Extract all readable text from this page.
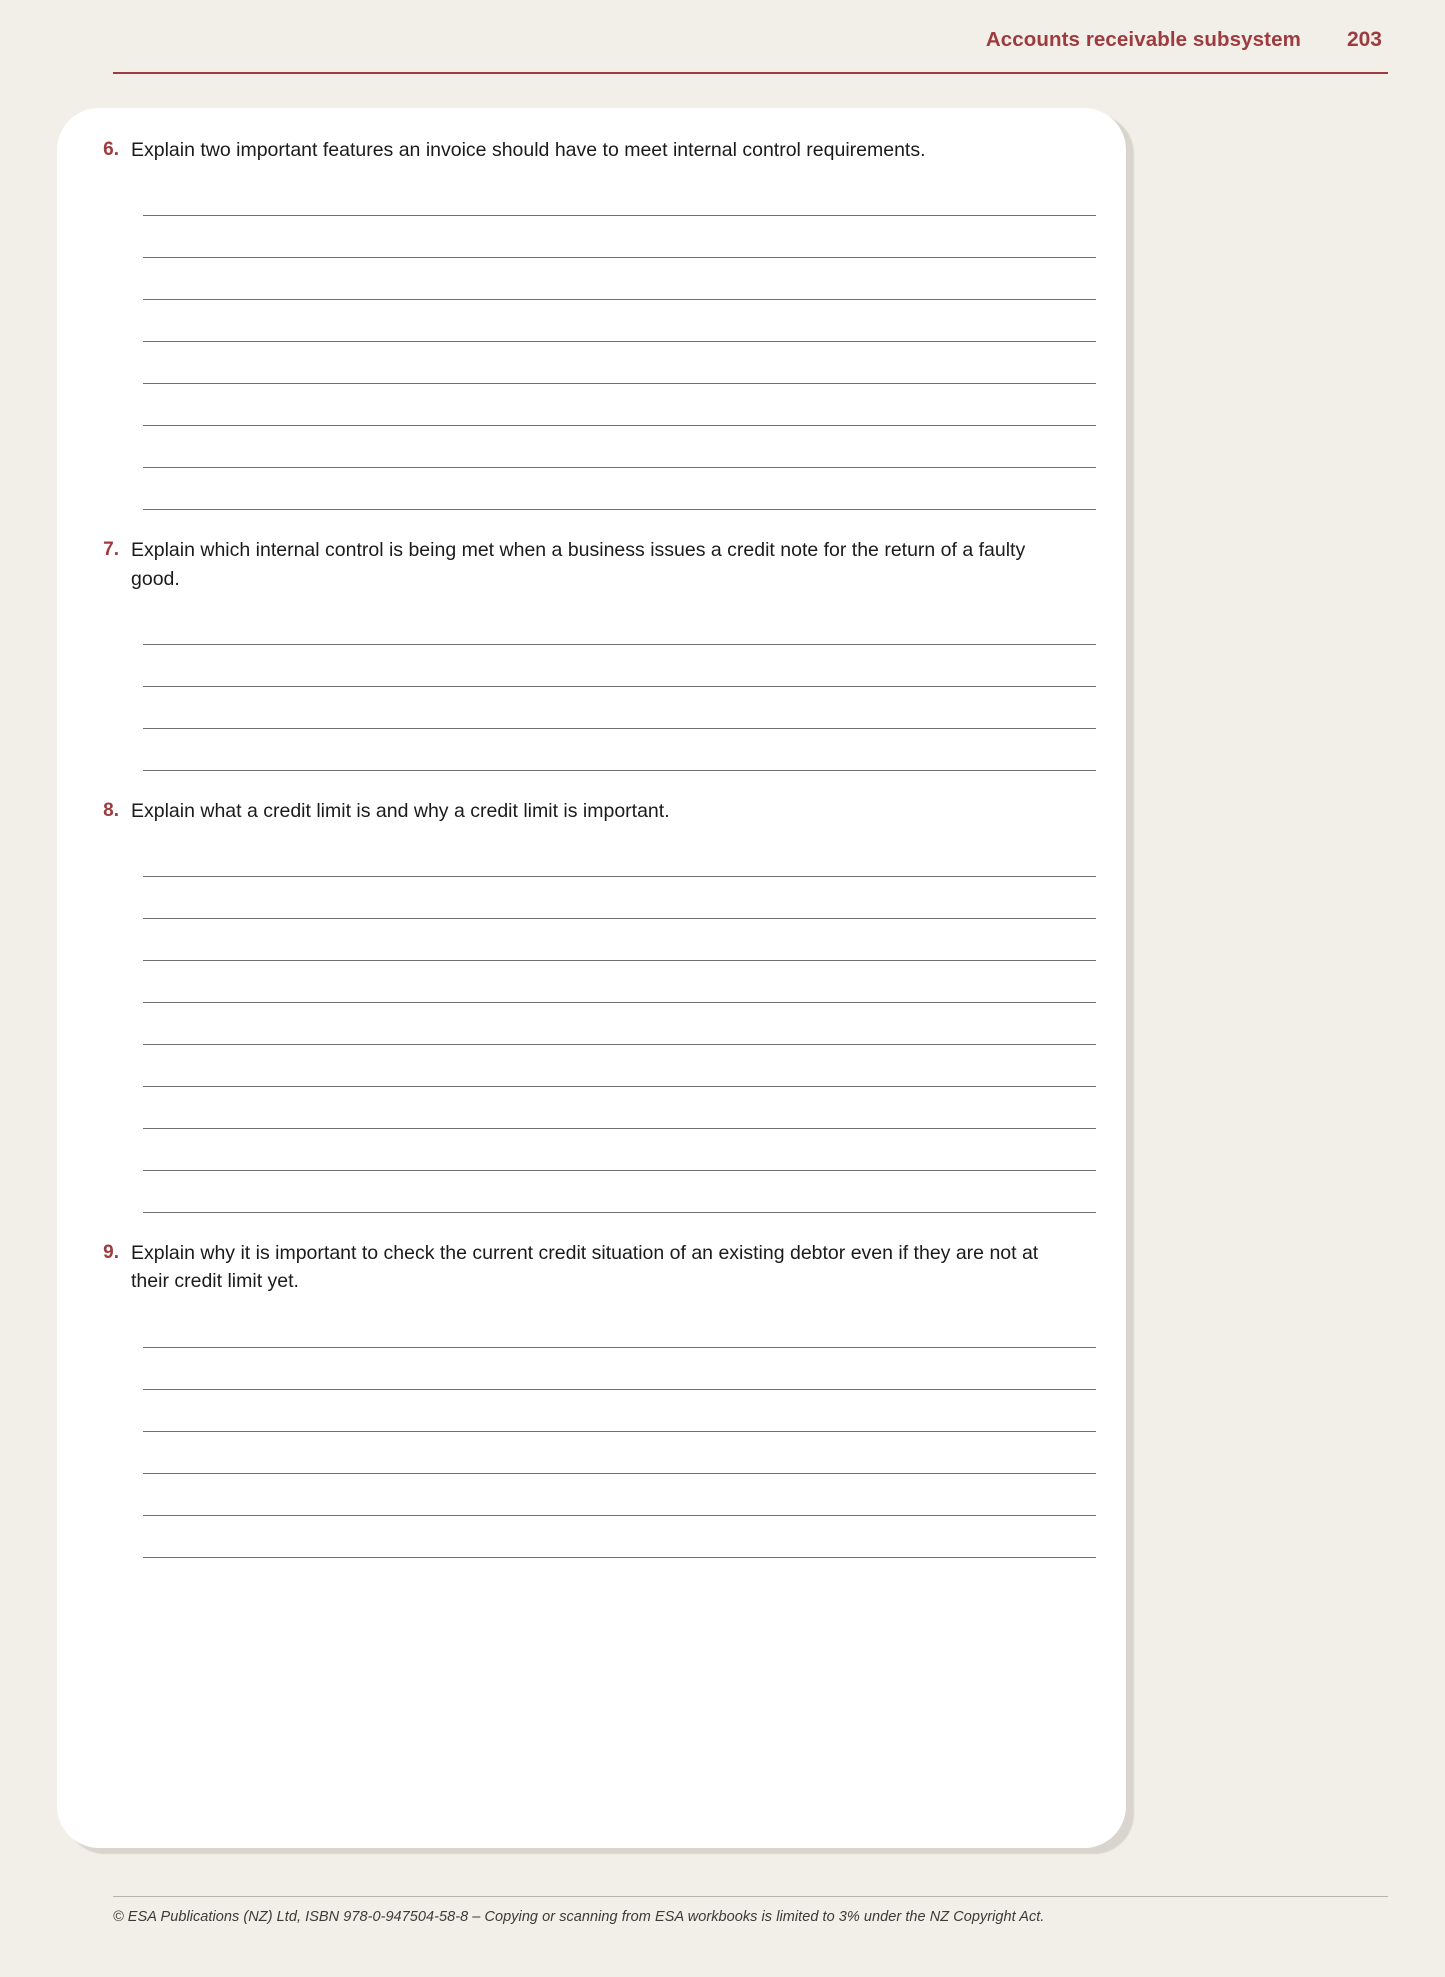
Accounts receivable subsystem 203
6. Explain two important features an invoice should have to meet internal control requirements.
7. Explain which internal control is being met when a business issues a credit note for the return of a faulty good.
8. Explain what a credit limit is and why a credit limit is important.
9. Explain why it is important to check the current credit situation of an existing debtor even if they are not at their credit limit yet.
© ESA Publications (NZ) Ltd, ISBN 978-0-947504-58-8 – Copying or scanning from ESA workbooks is limited to 3% under the NZ Copyright Act.
